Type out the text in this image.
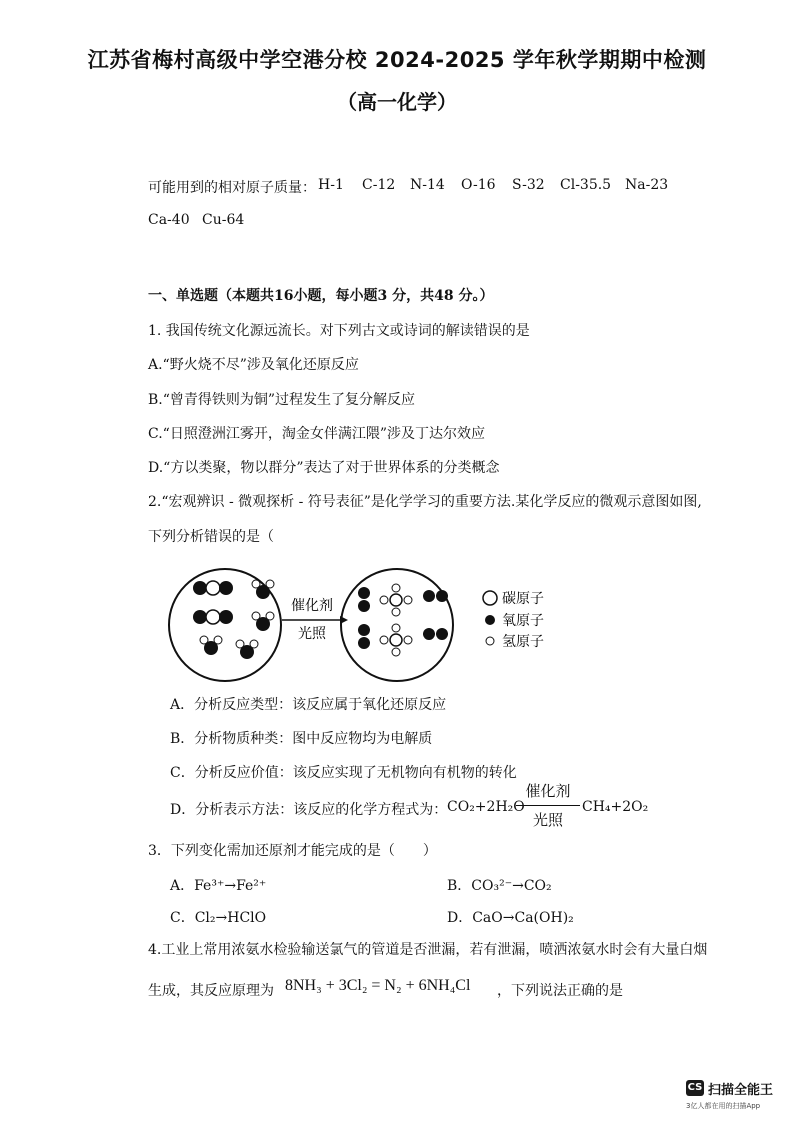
江苏省梅村高级中学空港分校 2024-2025 学年秋学期期中检测
（高一化学）
可能用到的相对原子质量： H-1 C-12 N-14 O-16 S-32 Cl-35.5 Na-23
Ca-40 Cu-64
一、单选题（本题共16小题，每小题3 分，共48 分。）
1. 我国传统文化源远流长。对下列古文或诗词的解读错误的是
A.“野火烧不尽”涉及氧化还原反应
B.“曾青得铁则为铜”过程发生了复分解反应
C.“日照澄洲江雾开，淘金女伴满江隈”涉及丁达尔效应
D.“方以类聚，物以群分”表达了对于世界体系的分类概念
2.“宏观辨识 - 微观探析 - 符号表征”是化学学习的重要方法.某化学反应的微观示意图如图,
下列分析错误的是（
催化剂
光照
碳原子
氧原子
氢原子
A．分析反应类型：该反应属于氧化还原反应
B．分析物质种类：图中反应物均为电解质
C．分析反应价值：该反应实现了无机物向有机物的转化
D．分析表示方法：该反应的化学方程式为： CO₂+2H₂O
催化剂
光照
CH₄+2O₂
3．下列变化需加还原剂才能完成的是（　　）
A．Fe³⁺→Fe²⁺	B．CO₃²⁻→CO₂
C．Cl₂→HClO	D．CaO→Ca(OH)₂
4.工业上常用浓氨水检验输送氯气的管道是否泄漏，若有泄漏，喷洒浓氨水时会有大量白烟
生成，其反应原理为 8NH₃ + 3Cl₂ = N₂ + 6NH₄Cl ，下列说法正确的是
CS 扫描全能王
3亿人都在用的扫描App
